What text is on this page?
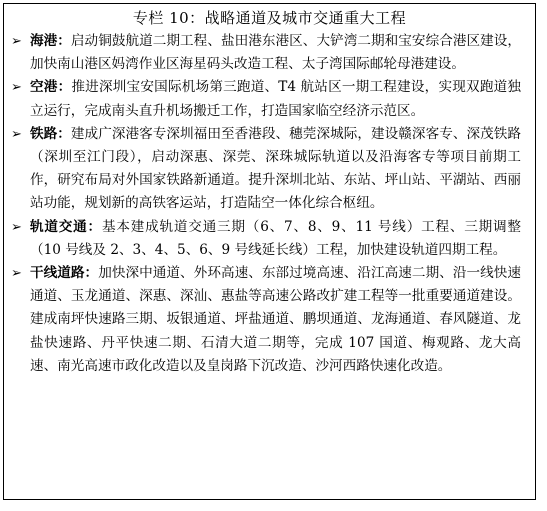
专栏 10：战略通道及城市交通重大工程
➢ 海港：启动铜鼓航道二期工程、盐田港东港区、大铲湾二期和宝安综合港区建设，加快南山港区妈湾作业区海星码头改造工程、太子湾国际邮轮母港建设。
➢ 空港：推进深圳宝安国际机场第三跑道、T4 航站区一期工程建设，实现双跑道独立运行，完成南头直升机场搬迁工作，打造国家临空经济示范区。
➢ 铁路：建成广深港客专深圳福田至香港段、穗莞深城际，建设赣深客专、深茂铁路（深圳至江门段），启动深惠、深莞、深珠城际轨道以及沿海客专等项目前期工作，研究布局对外国家铁路新通道。提升深圳北站、东站、坪山站、平湖站、西丽站功能，规划新的高铁客运站，打造陆空一体化综合枢纽。
➢ 轨道交通：基本建成轨道交通三期（6、7、8、9、11 号线）工程、三期调整（10 号线及 2、3、4、5、6、9 号线延长线）工程，加快建设轨道四期工程。
➢ 干线道路：加快深中通道、外环高速、东部过境高速、沿江高速二期、沿一线快速通道、玉龙通道、深惠、深汕、惠盐等高速公路改扩建工程等一批重要通道建设。建成南坪快速路三期、坂银通道、坪盐通道、鹏坝通道、龙海通道、春风隧道、龙盐快速路、丹平快速二期、石清大道二期等，完成 107 国道、梅观路、龙大高速、南光高速市政化改造以及皇岗路下沉改造、沙河西路快速化改造。
